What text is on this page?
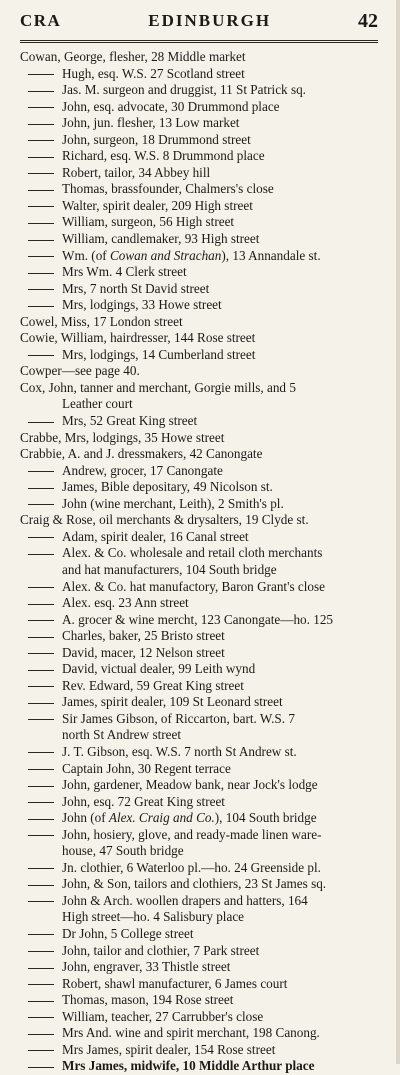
CRA	EDINBURGH	42
Cowan, George, flesher, 28 Middle market
Hugh, esq. W.S. 27 Scotland street
Jas. M. surgeon and druggist, 11 St Patrick sq.
John, esq. advocate, 30 Drummond place
John, jun. flesher, 13 Low market
John, surgeon, 18 Drummond street
Richard, esq. W.S. 8 Drummond place
Robert, tailor, 34 Abbey hill
Thomas, brassfounder, Chalmers's close
Walter, spirit dealer, 209 High street
William, surgeon, 56 High street
William, candlemaker, 93 High street
Wm. (of Cowan and Strachan), 13 Annandale st.
Mrs Wm. 4 Clerk street
Mrs, 7 north St David street
Mrs, lodgings, 33 Howe street
Cowel, Miss, 17 London street
Cowie, William, hairdresser, 144 Rose street
Mrs, lodgings, 14 Cumberland street
Cowper—see page 40.
Cox, John, tanner and merchant, Gorgie mills, and 5
Leather court
Mrs, 52 Great King street
Crabbe, Mrs, lodgings, 35 Howe street
Crabbie, A. and J. dressmakers, 42 Canongate
Andrew, grocer, 17 Canongate
James, Bible depositary, 49 Nicolson st.
John (wine merchant, Leith), 2 Smith's pl.
Craig & Rose, oil merchants & drysalters, 19 Clyde st.
Adam, spirit dealer, 16 Canal street
Alex. & Co. wholesale and retail cloth merchants
and hat manufacturers, 104 South bridge
Alex. & Co. hat manufactory, Baron Grant's close
Alex. esq. 23 Ann street
A. grocer & wine mercht, 123 Canongate—ho. 125
Charles, baker, 25 Bristo street
David, macer, 12 Nelson street
David, victual dealer, 99 Leith wynd
Rev. Edward, 59 Great King street
James, spirit dealer, 109 St Leonard street
Sir James Gibson, of Riccarton, bart. W.S. 7
north St Andrew street
J. T. Gibson, esq. W.S. 7 north St Andrew st.
Captain John, 30 Regent terrace
John, gardener, Meadow bank, near Jock's lodge
John, esq. 72 Great King street
John (of Alex. Craig and Co.), 104 South bridge
John, hosiery, glove, and ready-made linen ware-
house, 47 South bridge
Jn. clothier, 6 Waterloo pl.—ho. 24 Greenside pl.
John, & Son, tailors and clothiers, 23 St James sq.
John & Arch. woollen drapers and hatters, 164
High street—ho. 4 Salisbury place
Dr John, 5 College street
John, tailor and clothier, 7 Park street
John, engraver, 33 Thistle street
Robert, shawl manufacturer, 6 James court
Thomas, mason, 194 Rose street
William, teacher, 27 Carrubber's close
Mrs And. wine and spirit merchant, 198 Canong.
Mrs James, spirit dealer, 154 Rose street
Mrs James, midwife, 10 Middle Arthur place
